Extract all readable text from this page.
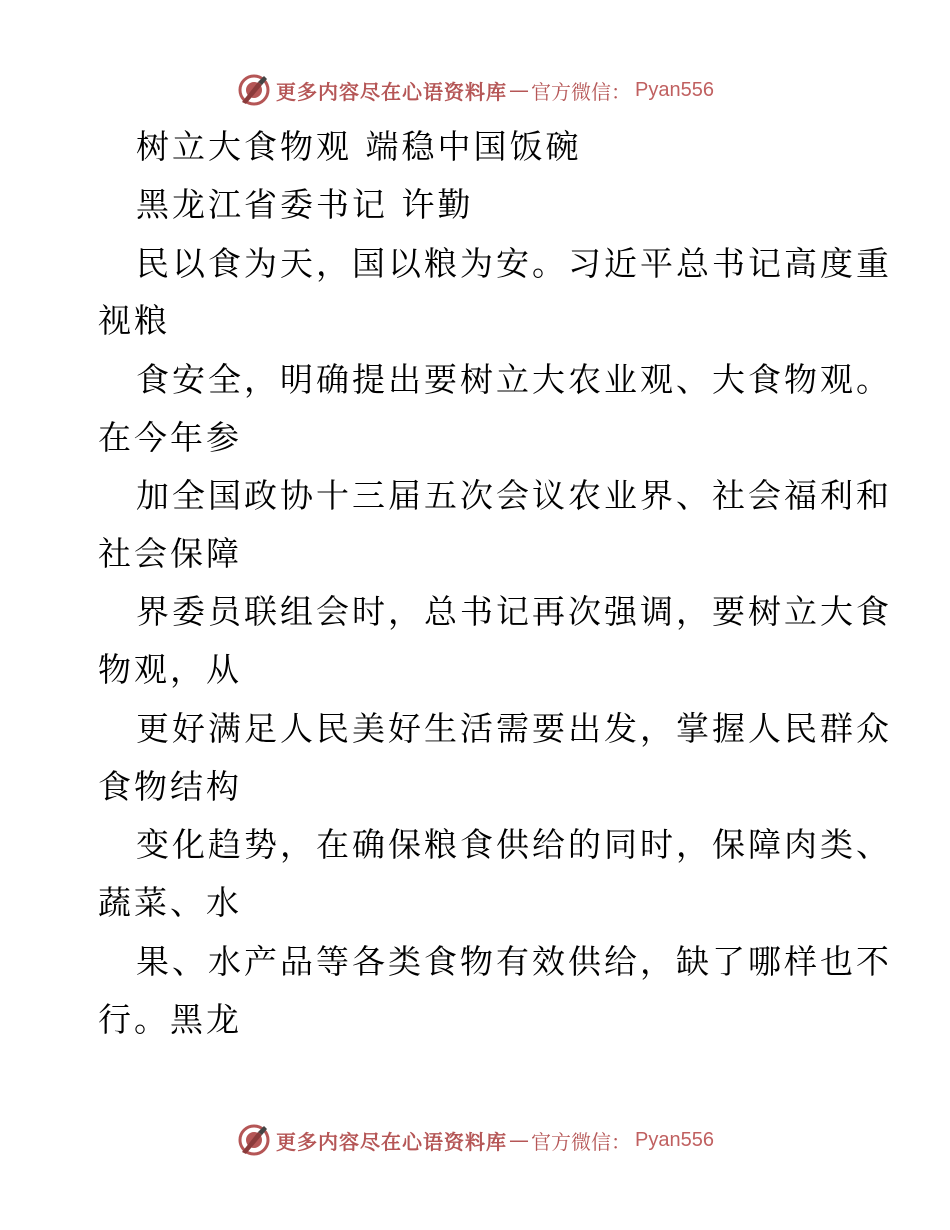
更多内容尽在心语资料库 — 官方微信： Pyan556
树立大食物观 端稳中国饭碗
黑龙江省委书记 许勤
民以食为天，国以粮为安。习近平总书记高度重
视粮
食安全，明确提出要树立大农业观、大食物观。
在今年参
加全国政协十三届五次会议农业界、社会福利和
社会保障
界委员联组会时，总书记再次强调，要树立大食
物观，从
更好满足人民美好生活需要出发，掌握人民群众
食物结构
变化趋势，在确保粮食供给的同时，保障肉类、
蔬菜、水
果、水产品等各类食物有效供给，缺了哪样也不
行。黑龙
更多内容尽在心语资料库 — 官方微信： Pyan556
